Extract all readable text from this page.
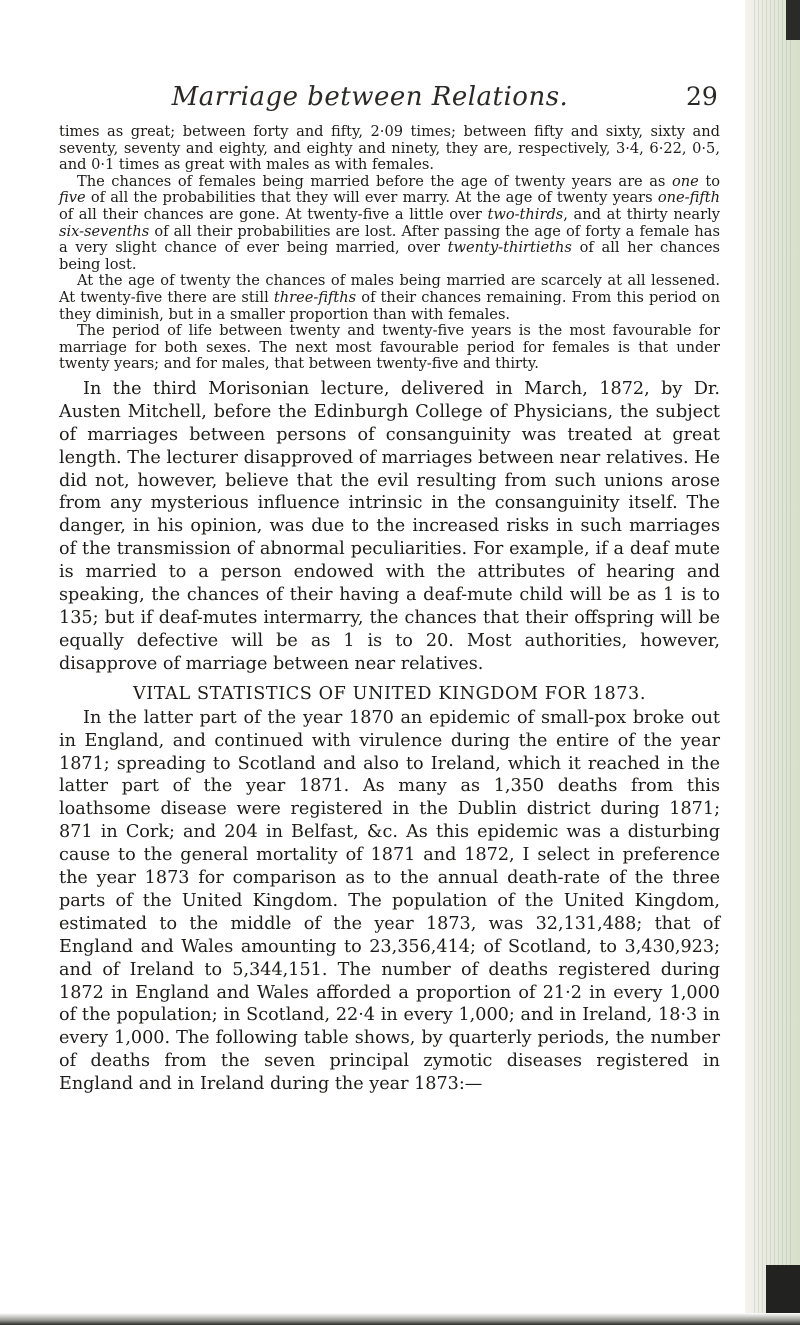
Marriage between Relations.	29

times as great; between forty and fifty, 2·09 times; between fifty and sixty, sixty and seventy, seventy and eighty, and eighty and ninety, they are, respectively, 3·4, 6·22, 0·5, and 0·1 times as great with males as with females.

The chances of females being married before the age of twenty years are as one to five of all the probabilities that they will ever marry. At the age of twenty years one-fifth of all their chances are gone. At twenty-five a little over two-thirds, and at thirty nearly six-sevenths of all their probabilities are lost. After passing the age of forty a female has a very slight chance of ever being married, over twenty-thirtieths of all her chances being lost.

At the age of twenty the chances of males being married are scarcely at all lessened. At twenty-five there are still three-fifths of their chances remaining. From this period on they diminish, but in a smaller proportion than with females.

The period of life between twenty and twenty-five years is the most favourable for marriage for both sexes. The next most favourable period for females is that under twenty years; and for males, that between twenty-five and thirty.

In the third Morisonian lecture, delivered in March, 1872, by Dr. Austen Mitchell, before the Edinburgh College of Physicians, the subject of marriages between persons of consanguinity was treated at great length. The lecturer disapproved of marriages between near relatives. He did not, however, believe that the evil resulting from such unions arose from any mysterious influence intrinsic in the consanguinity itself. The danger, in his opinion, was due to the increased risks in such marriages of the transmission of abnormal peculiarities. For example, if a deaf mute is married to a person endowed with the attributes of hearing and speaking, the chances of their having a deaf-mute child will be as 1 is to 135; but if deaf-mutes intermarry, the chances that their offspring will be equally defective will be as 1 is to 20. Most authorities, however, disapprove of marriage between near relatives.

VITAL STATISTICS OF UNITED KINGDOM FOR 1873.

In the latter part of the year 1870 an epidemic of small-pox broke out in England, and continued with virulence during the entire of the year 1871; spreading to Scotland and also to Ireland, which it reached in the latter part of the year 1871. As many as 1,350 deaths from this loathsome disease were registered in the Dublin district during 1871; 871 in Cork; and 204 in Belfast, &c. As this epidemic was a disturbing cause to the general mortality of 1871 and 1872, I select in preference the year 1873 for comparison as to the annual death-rate of the three parts of the United Kingdom. The population of the United Kingdom, estimated to the middle of the year 1873, was 32,131,488; that of England and Wales amounting to 23,356,414; of Scotland, to 3,430,923; and of Ireland to 5,344,151. The number of deaths registered during 1872 in England and Wales afforded a proportion of 21·2 in every 1,000 of the population; in Scotland, 22·4 in every 1,000; and in Ireland, 18·3 in every 1,000. The following table shows, by quarterly periods, the number of deaths from the seven principal zymotic diseases registered in England and in Ireland during the year 1873:—
